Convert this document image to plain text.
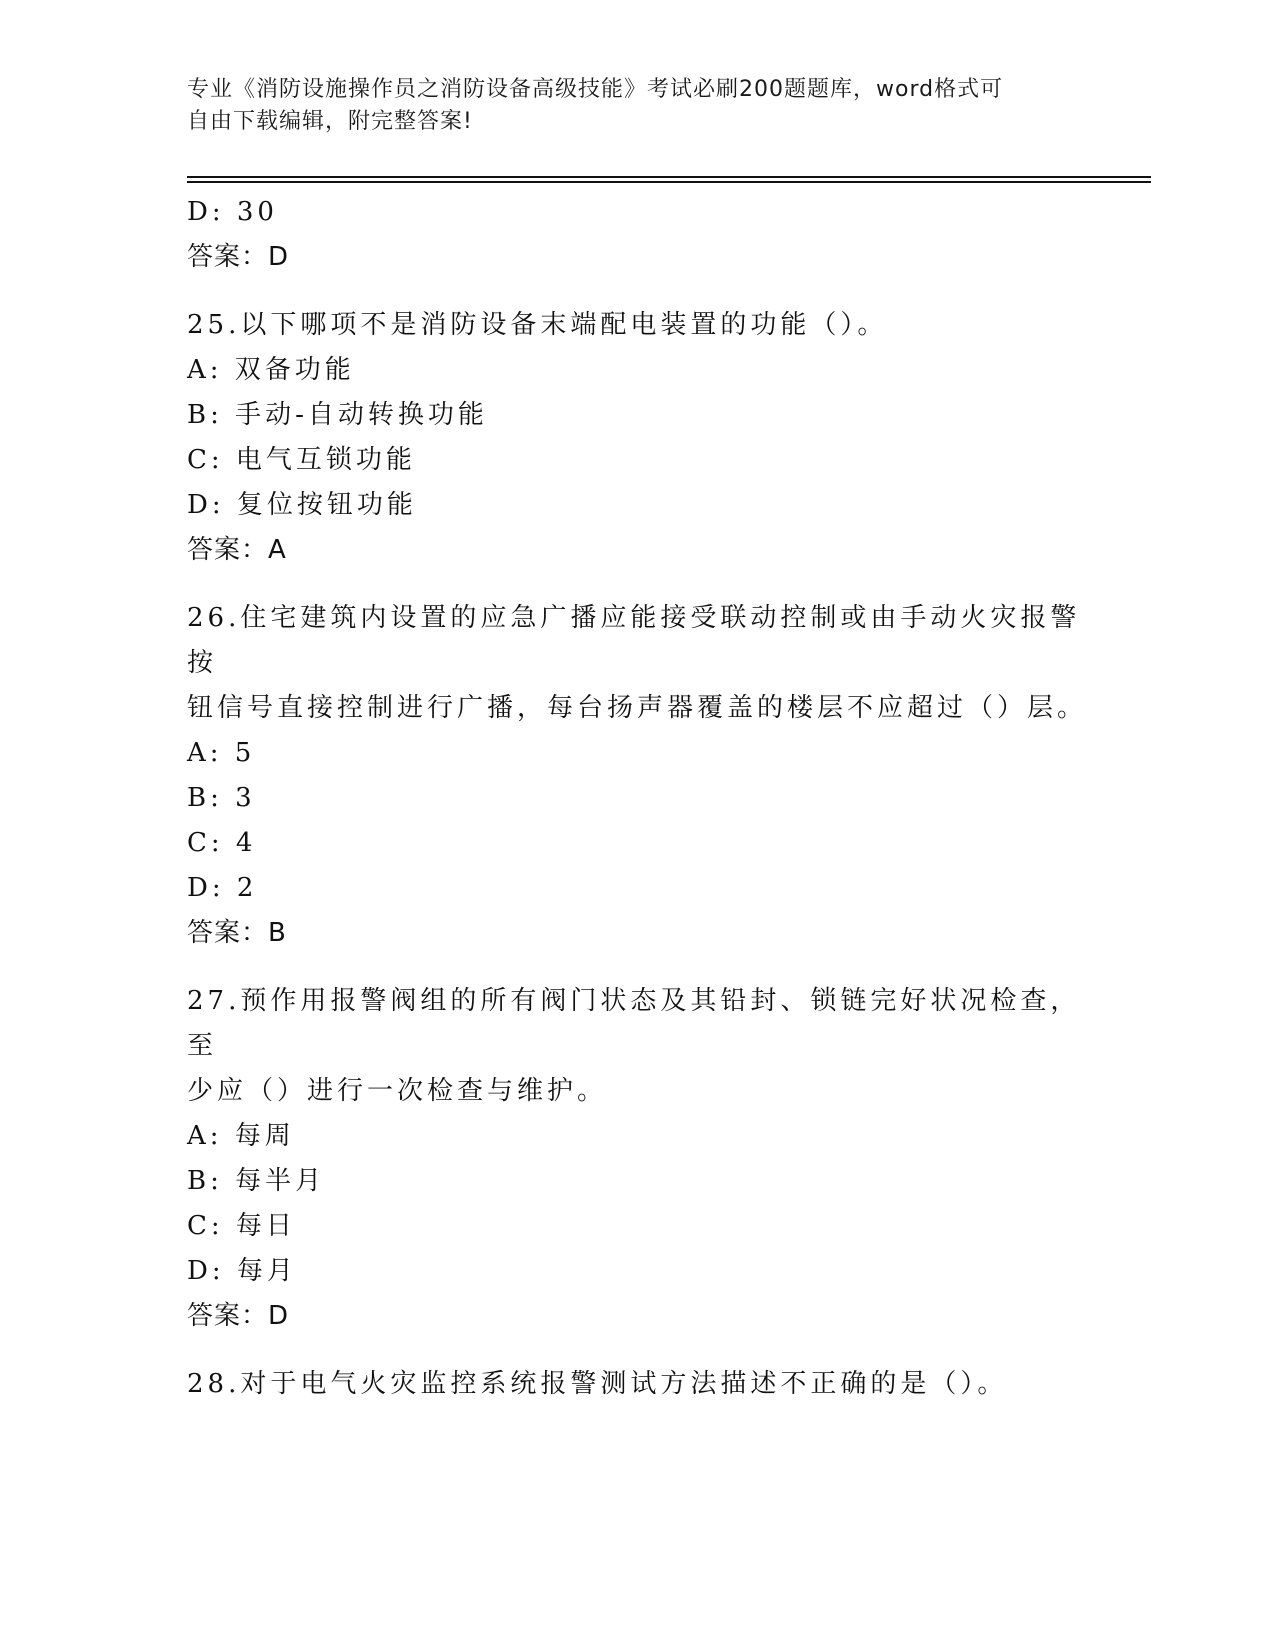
专业《消防设施操作员之消防设备高级技能》考试必刷200题题库，word格式可
自由下载编辑，附完整答案!
D: 30
答案：D
25.以下哪项不是消防设备末端配电装置的功能（）。
A: 双备功能
B: 手动-自动转换功能
C: 电气互锁功能
D: 复位按钮功能
答案：A
26.住宅建筑内设置的应急广播应能接受联动控制或由手动火灾报警按
钮信号直接控制进行广播，每台扬声器覆盖的楼层不应超过（）层。
A: 5
B: 3
C: 4
D: 2
答案：B
27.预作用报警阀组的所有阀门状态及其铅封、锁链完好状况检查，至
少应（）进行一次检查与维护。
A: 每周
B: 每半月
C: 每日
D: 每月
答案：D
28.对于电气火灾监控系统报警测试方法描述不正确的是（）。
